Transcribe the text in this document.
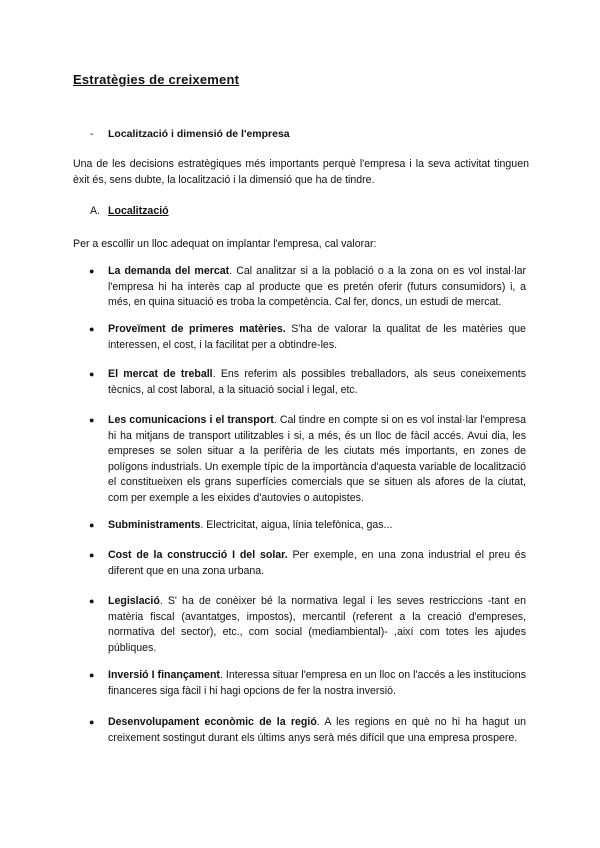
Estratègies de creixement
- Localització i dimensió de l'empresa
Una de les decisions estratègiques més importants perquè l'empresa i la seva activitat tinguen èxit és, sens dubte, la localització i la dimensió que ha de tindre.
A. Localització
Per a escollir un lloc adequat on implantar l'empresa, cal valorar:
● La demanda del mercat. Cal analitzar si a la població o a la zona on es vol instal·lar l'empresa hi ha interès cap al producte que es pretén oferir (futurs consumidors) i, a més, en quina situació es troba la competència. Cal fer, doncs, un estudi de mercat.
● Proveïment de primeres matèries. S'ha de valorar la qualitat de les matèries que interessen, el cost, i la facilitat per a obtindre-les.
● El mercat de treball. Ens referim als possibles treballadors, als seus coneixements tècnics, al cost laboral, a la situació social i legal, etc.
● Les comunicacions i el transport. Cal tindre en compte si on es vol instal·lar l'empresa hi ha mitjans de transport utilitzables i si, a més, és un lloc de fàcil accés. Avui dia, les empreses se solen situar a la perifèria de les ciutats més importants, en zones de polígons industrials. Un exemple típic de la importància d'aquesta variable de localització el constitueixen els grans superfícies comercials que se situen als afores de la ciutat, com per exemple a les eixides d'autovies o autopistes.
● Subministraments. Electricitat, aigua, línia telefònica, gas...
● Cost de la construcció I del solar. Per exemple, en una zona industrial el preu és diferent que en una zona urbana.
● Legislació. S' ha de conèixer bé la normativa legal i les seves restriccions -tant en matèria fiscal (avantatges, impostos), mercantil (referent a la creació d'empreses, normativa del sector), etc., com social (mediambiental)- ,així com totes les ajudes públiques.
● Inversió I finançament. Interessa situar l'empresa en un lloc on l'accés a les institucions financeres siga fàcil i hi hagi opcions de fer la nostra inversió.
● Desenvolupament econòmic de la regió. A les regions en què no hi ha hagut un creixement sostingut durant els últims anys serà més difícil que una empresa prospere.
